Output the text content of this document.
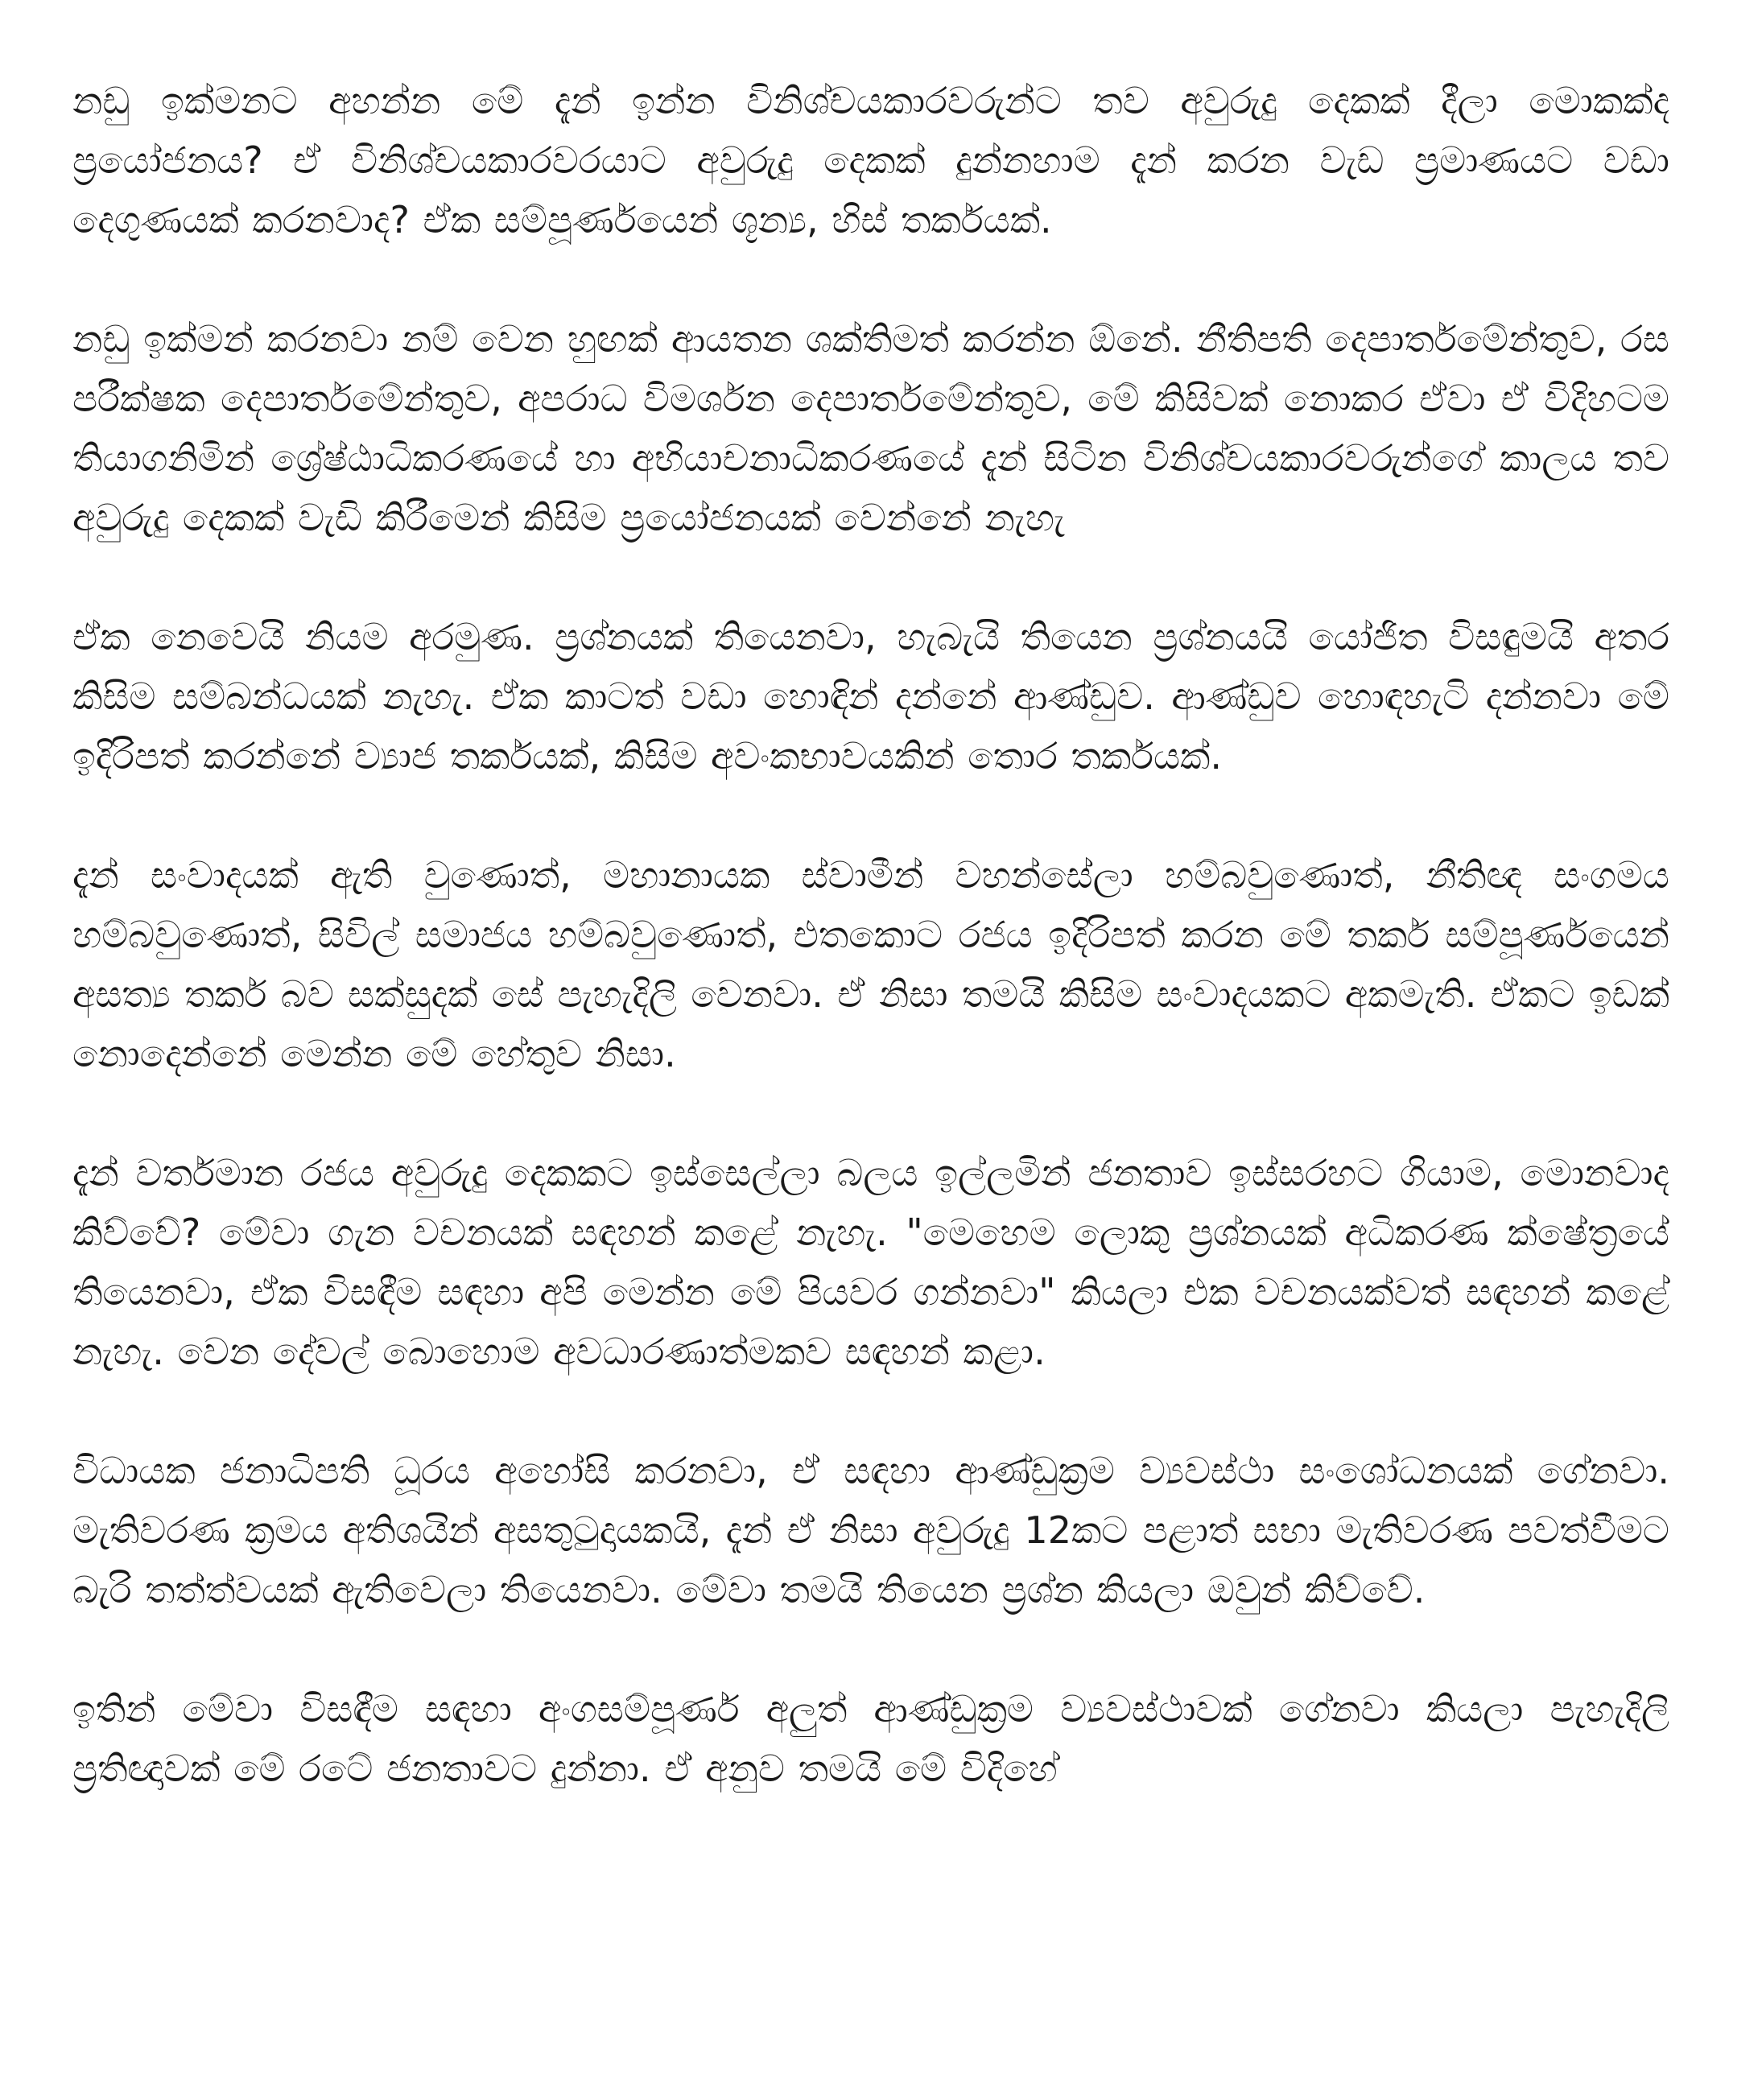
නඩු ඉක්මනට අහන්න මේ දැන් ඉන්න විනිශ්චයකාරවරුන්ට තව අවුරුදු දෙකක් දීලා මොකක්ද ප්‍රයෝජනය? ඒ විනිශ්චයකාරවරයාට අවුරුදු දෙකක් දුන්නහාම දැන් කරන වැඩ ප්‍රමාණයට වඩා දෙගුණයක් කරනවාද? ඒක සම්පූර්ණයෙන් ශූන්‍ය, හිස් තර්කයක්.

නඩු ඉක්මන් කරනවා නම් වෙන හුඟක් ආයතන ශක්තිමත් කරන්න ඕනේ. නීතිපති දෙපාර්තමේන්තුව, රස පරීක්ෂක දෙපාර්තමේන්තුව, අපරාධ විමර්ශන දෙපාර්තමේන්තුව, මේ කිසිවක් නොකර ඒවා ඒ විදිහටම තියාගනිමින් ශ්‍රේෂ්ඨාධිකරණයේ හා අභියාචනාධිකරණයේ දැන් සිටින විනිශ්චයකාරවරුන්ගේ කාලය තව අවුරුදු දෙකක් වැඩි කිරීමෙන් කිසිම ප්‍රයෝජනයක් වෙන්නේ නැහැ

ඒක නෙවෙයි නියම අරමුණ. ප්‍රශ්නයක් තියෙනවා, හැබැයි තියෙන ප්‍රශ්නයයි යෝජිත විසඳුමයි අතර කිසිම සම්බන්ධයක් නැහැ. ඒක කාටත් වඩා හොඳින් දන්නේ ආණ්ඩුව. ආණ්ඩුව හොඳහැටි දන්නවා මේ ඉදිරිපත් කරන්නේ ව්‍යාජ තර්කයක්, කිසිම අවංකභාවයකින් තොර තර්කයක්.

දැන් සංවාදයක් ඇති වුණොත්, මහානායක ස්වාමීන් වහන්සේලා හම්බවුණොත්, නීතිඥ සංගමය හම්බවුණොත්, සිවිල් සමාජය හම්බවුණොත්, එතකොට රජය ඉදිරිපත් කරන මේ තර්ක සම්පූර්ණයෙන් අසත්‍ය තර්ක බව සක්සුදක් සේ පැහැදිලි වෙනවා. ඒ නිසා තමයි කිසිම සංවාදයකට අකමැති. ඒකට ඉඩක් නොදෙන්නේ මෙන්න මේ හේතුව නිසා.

දැන් වර්තමාන රජය අවුරුදු දෙකකට ඉස්සෙල්ලා බලය ඉල්ලමින් ජනතාව ඉස්සරහට ගියාම, මොනවාද කිව්වේ? මේවා ගැන වචනයක් සඳහන් කළේ නැහැ. "මෙහෙම ලොකු ප්‍රශ්නයක් අධිකරණ ක්ෂේත්‍රයේ තියෙනවා, ඒක විසඳීම සඳහා අපි මෙන්න මේ පියවර ගන්නවා" කියලා එක වචනයක්වත් සඳහන් කළේ නැහැ. වෙන දේවල් බොහොම අවධාරණාත්මකව සඳහන් කළා.

විධායක ජනාධිපති ධූරය අහෝසි කරනවා, ඒ සඳහා ආණ්ඩුක්‍රම ව්‍යවස්ථා සංශෝධනයක් ගේනවා. මැතිවරණ ක්‍රමය අතිශයින් අසතුටුදායකයි, දැන් ඒ නිසා අවුරුදු 12කට පළාත් සභා මැතිවරණ පවත්වීමට බැරි තත්ත්වයක් ඇතිවෙලා තියෙනවා. මේවා තමයි තියෙන ප්‍රශ්න කියලා ඔවුන් කිව්වේ.

ඉතින් මේවා විසඳීම සඳහා අංගසම්පූර්ණ අලුත් ආණ්ඩුක්‍රම ව්‍යවස්ථාවක් ගේනවා කියලා පැහැදිලි ප්‍රතිඥාවක් මේ රටේ ජනතාවට දුන්නා. ඒ අනුව තමයි මේ විදිහේ
